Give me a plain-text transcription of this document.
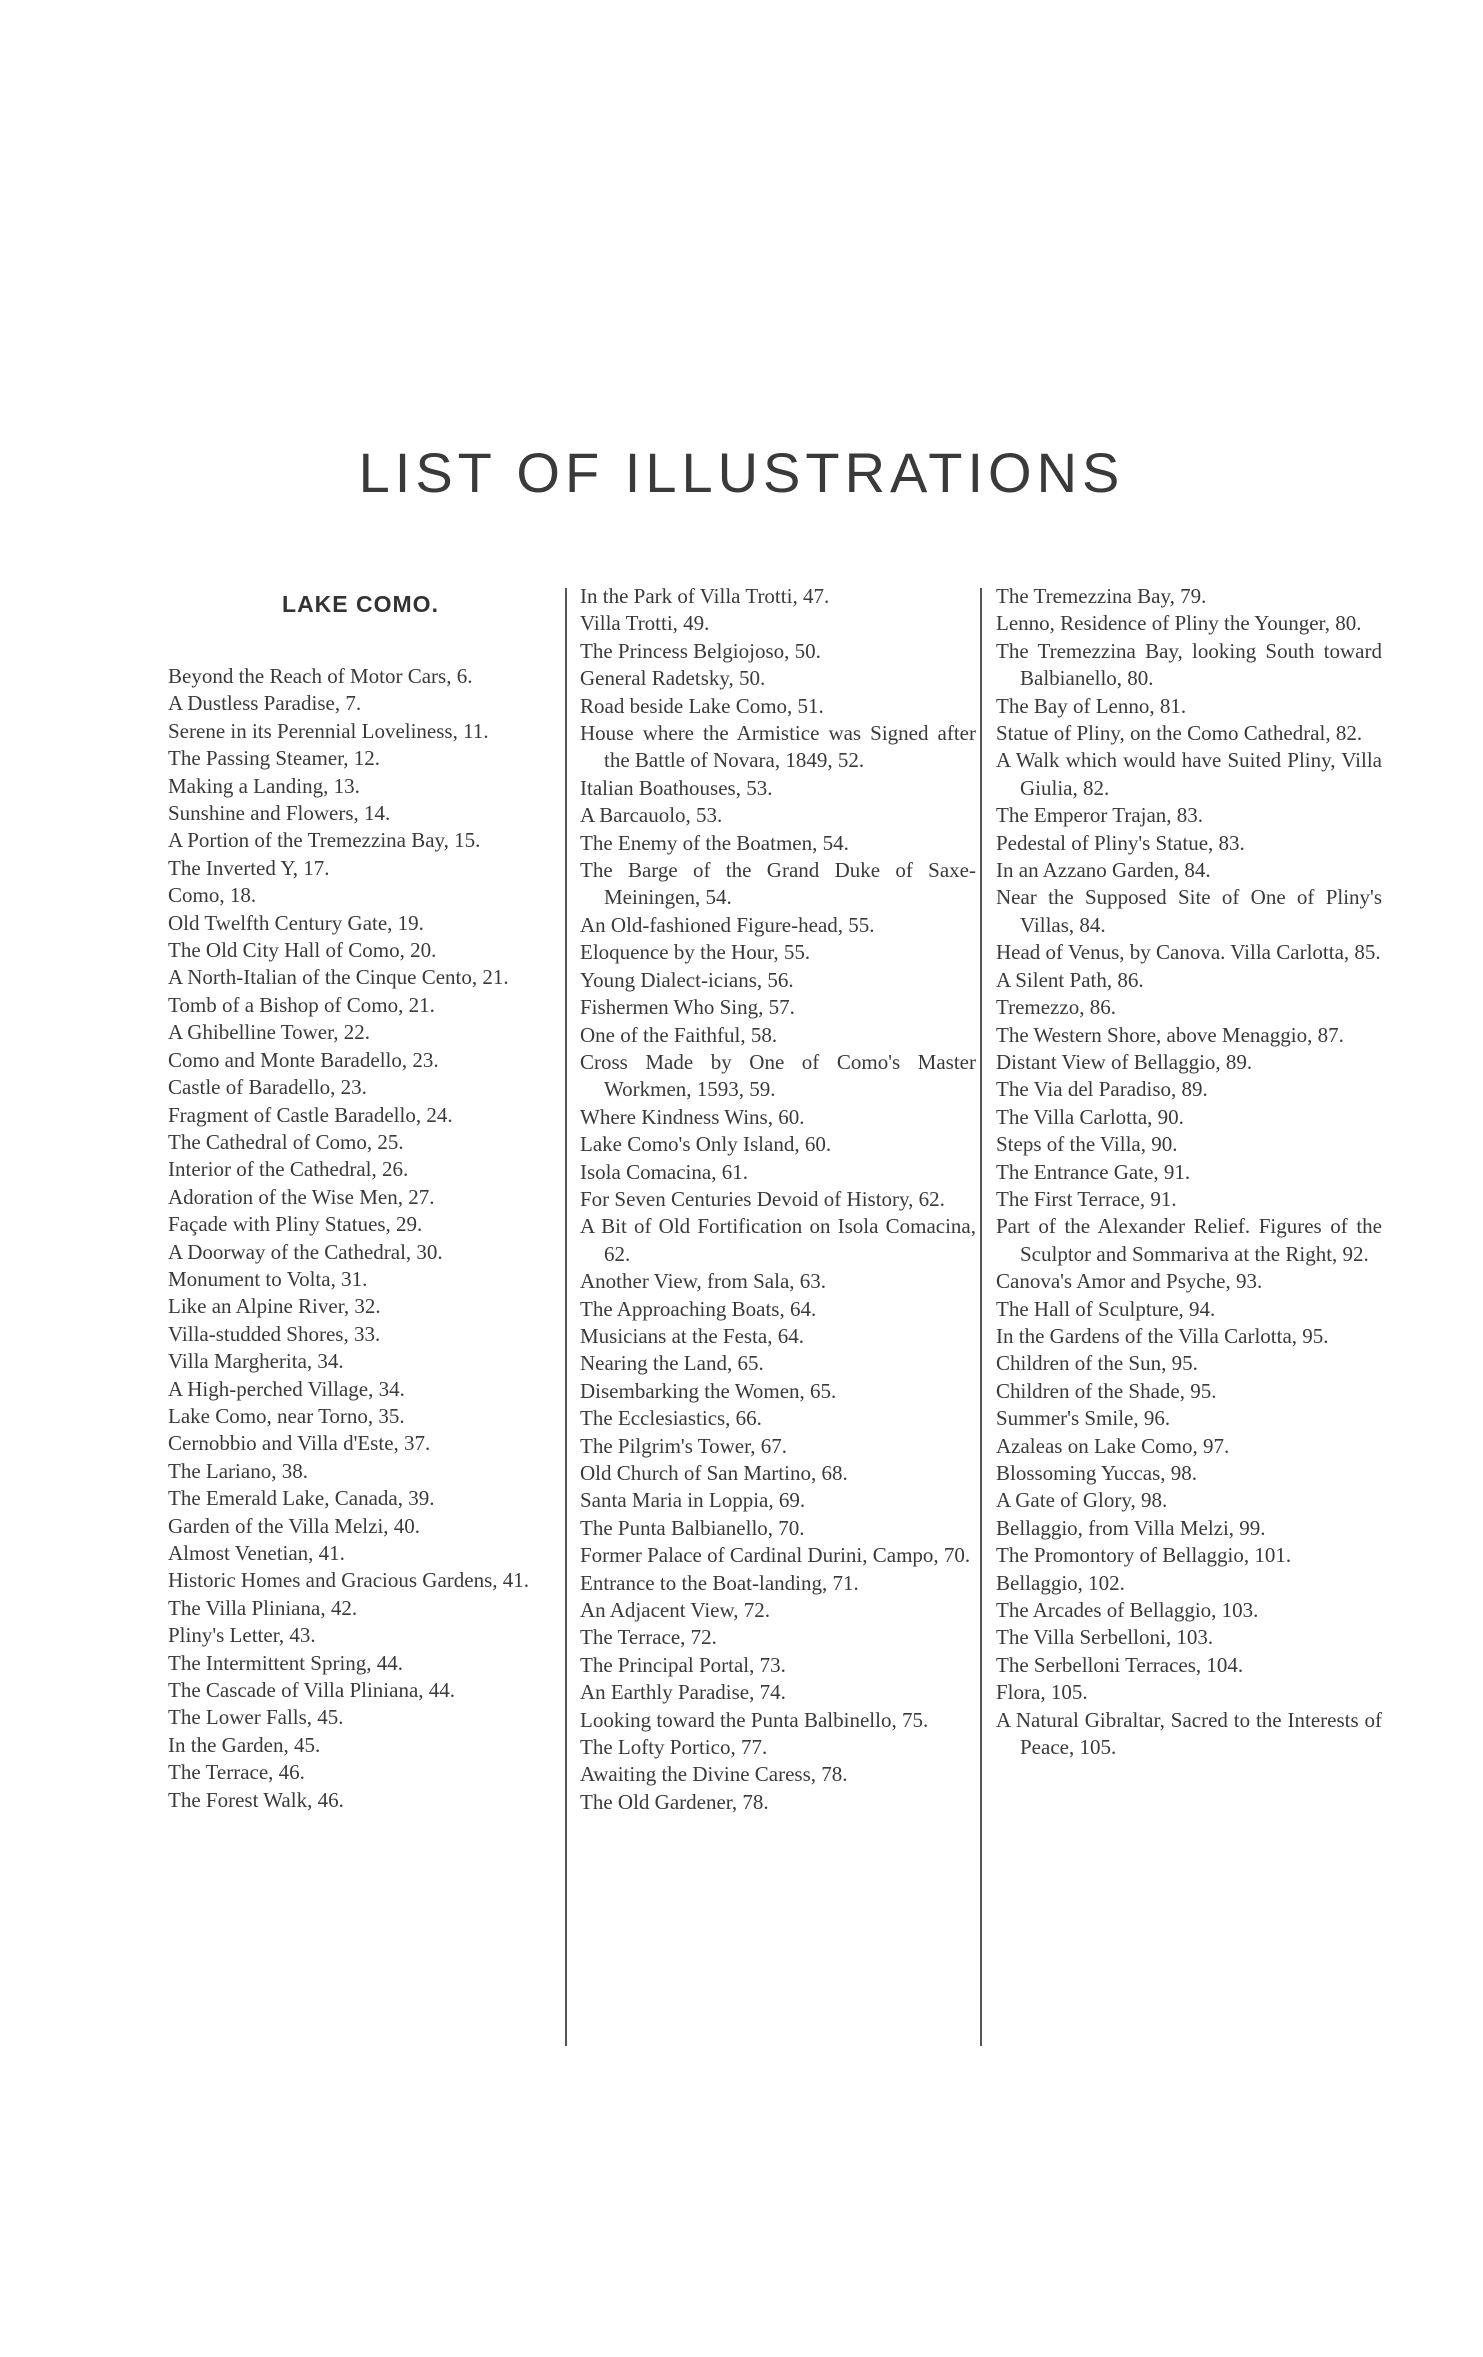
LIST OF ILLUSTRATIONS
LAKE COMO.
Beyond the Reach of Motor Cars, 6.
A Dustless Paradise, 7.
Serene in its Perennial Loveliness, 11.
The Passing Steamer, 12.
Making a Landing, 13.
Sunshine and Flowers, 14.
A Portion of the Tremezzina Bay, 15.
The Inverted Y, 17.
Como, 18.
Old Twelfth Century Gate, 19.
The Old City Hall of Como, 20.
A North-Italian of the Cinque Cento, 21.
Tomb of a Bishop of Como, 21.
A Ghibelline Tower, 22.
Como and Monte Baradello, 23.
Castle of Baradello, 23.
Fragment of Castle Baradello, 24.
The Cathedral of Como, 25.
Interior of the Cathedral, 26.
Adoration of the Wise Men, 27.
Façade with Pliny Statues, 29.
A Doorway of the Cathedral, 30.
Monument to Volta, 31.
Like an Alpine River, 32.
Villa-studded Shores, 33.
Villa Margherita, 34.
A High-perched Village, 34.
Lake Como, near Torno, 35.
Cernobbio and Villa d'Este, 37.
The Lariano, 38.
The Emerald Lake, Canada, 39.
Garden of the Villa Melzi, 40.
Almost Venetian, 41.
Historic Homes and Gracious Gardens, 41.
The Villa Pliniana, 42.
Pliny's Letter, 43.
The Intermittent Spring, 44.
The Cascade of Villa Pliniana, 44.
The Lower Falls, 45.
In the Garden, 45.
The Terrace, 46.
The Forest Walk, 46.
In the Park of Villa Trotti, 47.
Villa Trotti, 49.
The Princess Belgiojoso, 50.
General Radetsky, 50.
Road beside Lake Como, 51.
House where the Armistice was Signed after the Battle of Novara, 1849, 52.
Italian Boathouses, 53.
A Barcauolo, 53.
The Enemy of the Boatmen, 54.
The Barge of the Grand Duke of Saxe-Meiningen, 54.
An Old-fashioned Figure-head, 55.
Eloquence by the Hour, 55.
Young Dialect-icians, 56.
Fishermen Who Sing, 57.
One of the Faithful, 58.
Cross Made by One of Como's Master Workmen, 1593, 59.
Where Kindness Wins, 60.
Lake Como's Only Island, 60.
Isola Comacina, 61.
For Seven Centuries Devoid of History, 62.
A Bit of Old Fortification on Isola Comacina, 62.
Another View, from Sala, 63.
The Approaching Boats, 64.
Musicians at the Festa, 64.
Nearing the Land, 65.
Disembarking the Women, 65.
The Ecclesiastics, 66.
The Pilgrim's Tower, 67.
Old Church of San Martino, 68.
Santa Maria in Loppia, 69.
The Punta Balbianello, 70.
Former Palace of Cardinal Durini, Campo, 70.
Entrance to the Boat-landing, 71.
An Adjacent View, 72.
The Terrace, 72.
The Principal Portal, 73.
An Earthly Paradise, 74.
Looking toward the Punta Balbinello, 75.
The Lofty Portico, 77.
Awaiting the Divine Caress, 78.
The Old Gardener, 78.
The Tremezzina Bay, 79.
Lenno, Residence of Pliny the Younger, 80.
The Tremezzina Bay, looking South toward Balbianello, 80.
The Bay of Lenno, 81.
Statue of Pliny, on the Como Cathedral, 82.
A Walk which would have Suited Pliny, Villa Giulia, 82.
The Emperor Trajan, 83.
Pedestal of Pliny's Statue, 83.
In an Azzano Garden, 84.
Near the Supposed Site of One of Pliny's Villas, 84.
Head of Venus, by Canova. Villa Carlotta, 85.
A Silent Path, 86.
Tremezzo, 86.
The Western Shore, above Menaggio, 87.
Distant View of Bellaggio, 89.
The Via del Paradiso, 89.
The Villa Carlotta, 90.
Steps of the Villa, 90.
The Entrance Gate, 91.
The First Terrace, 91.
Part of the Alexander Relief. Figures of the Sculptor and Sommariva at the Right, 92.
Canova's Amor and Psyche, 93.
The Hall of Sculpture, 94.
In the Gardens of the Villa Carlotta, 95.
Children of the Sun, 95.
Children of the Shade, 95.
Summer's Smile, 96.
Azaleas on Lake Como, 97.
Blossoming Yuccas, 98.
A Gate of Glory, 98.
Bellaggio, from Villa Melzi, 99.
The Promontory of Bellaggio, 101.
Bellaggio, 102.
The Arcades of Bellaggio, 103.
The Villa Serbelloni, 103.
The Serbelloni Terraces, 104.
Flora, 105.
A Natural Gibraltar, Sacred to the Interests of Peace, 105.
